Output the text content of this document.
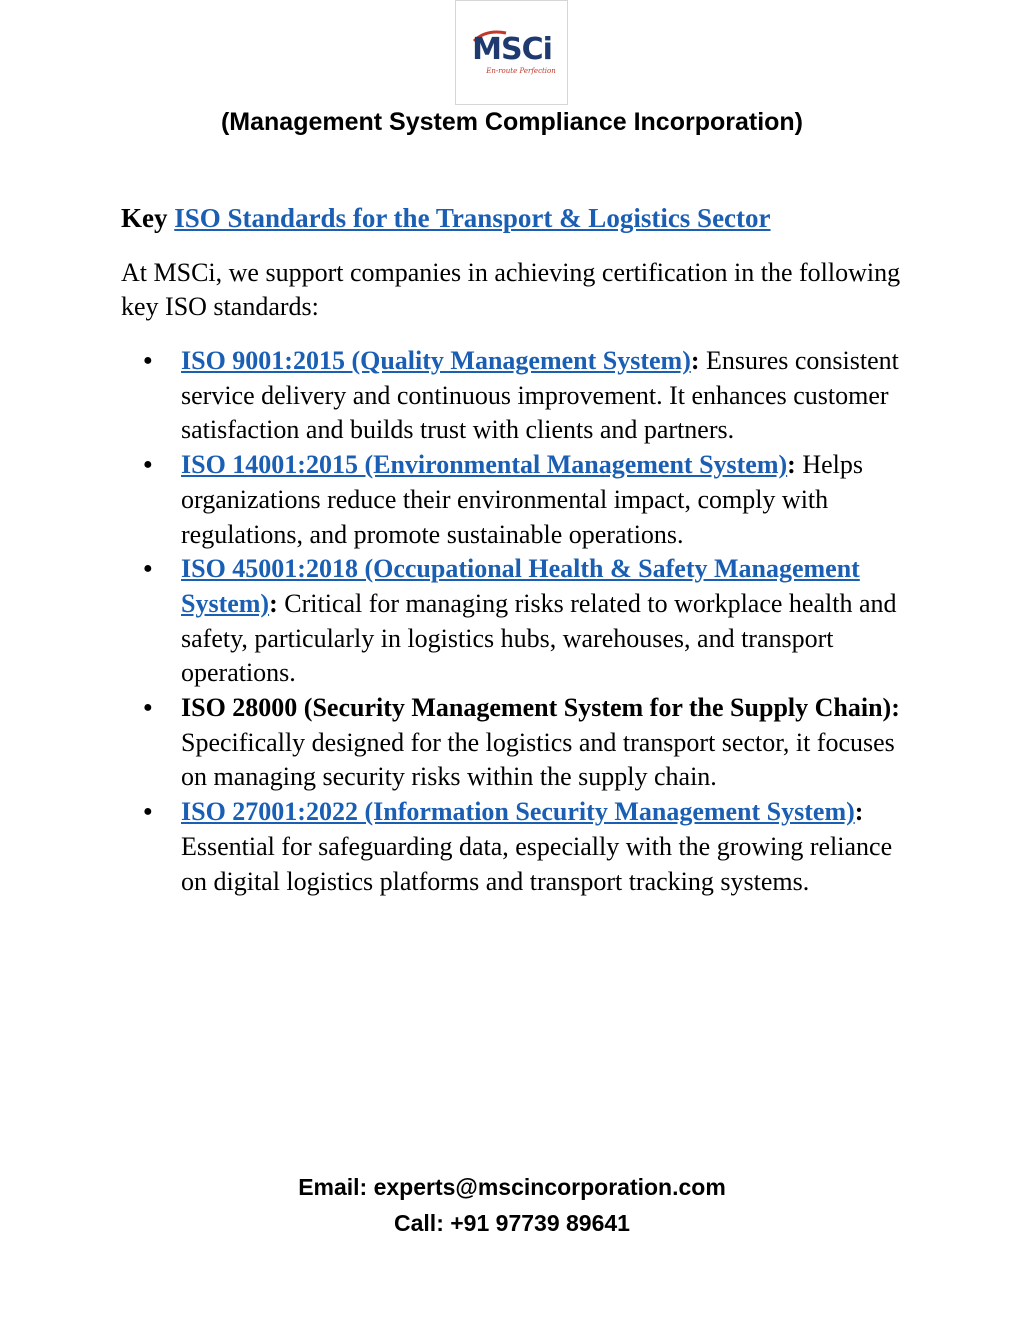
MSCi
En-route Perfection
(Management System Compliance Incorporation)
Key ISO Standards for the Transport & Logistics Sector

At MSCi, we support companies in achieving certification in the following key ISO standards:

● ISO 9001:2015 (Quality Management System): Ensures consistent service delivery and continuous improvement. It enhances customer satisfaction and builds trust with clients and partners.
● ISO 14001:2015 (Environmental Management System): Helps organizations reduce their environmental impact, comply with regulations, and promote sustainable operations.
● ISO 45001:2018 (Occupational Health & Safety Management System): Critical for managing risks related to workplace health and safety, particularly in logistics hubs, warehouses, and transport operations.
● ISO 28000 (Security Management System for the Supply Chain): Specifically designed for the logistics and transport sector, it focuses on managing security risks within the supply chain.
● ISO 27001:2022 (Information Security Management System): Essential for safeguarding data, especially with the growing reliance on digital logistics platforms and transport tracking systems.
Email: experts@mscincorporation.com
Call: +91 97739 89641
